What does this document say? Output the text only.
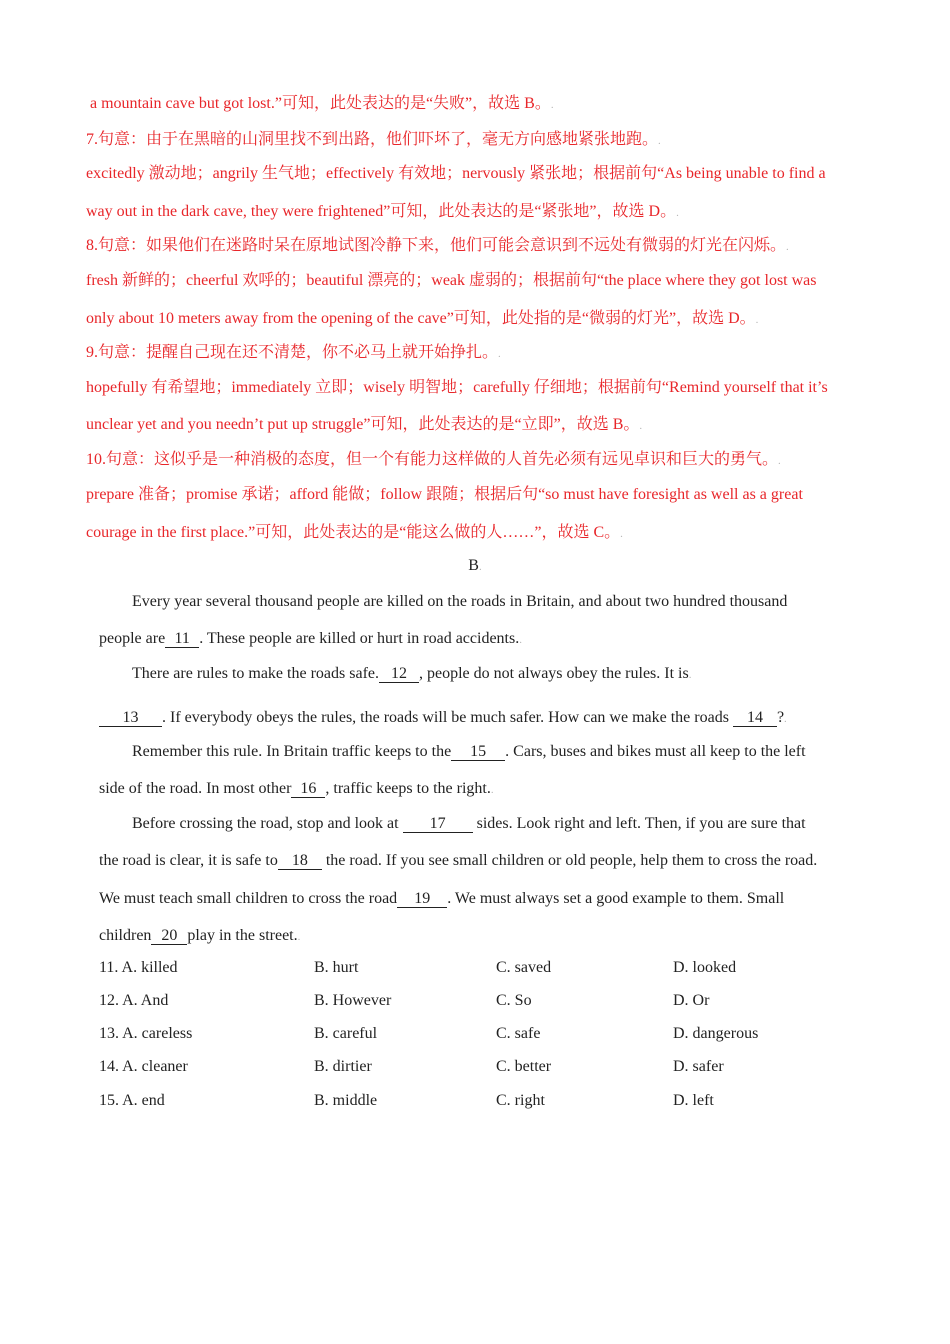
a mountain cave but got lost.”可知，此处表达的是“失败”，故选 B。.
7.句意：由于在黑暗的山洞里找不到出路，他们吓坏了，毫无方向感地紧张地跑。.
excitedly 激动地；angrily 生气地；effectively 有效地；nervously 紧张地；根据前句“As being unable to find a
way out in the dark cave, they were frightened”可知，此处表达的是“紧张地”，故选 D。.
8.句意：如果他们在迷路时呆在原地试图冷静下来，他们可能会意识到不远处有微弱的灯光在闪烁。.
fresh 新鲜的；cheerful 欢呼的；beautiful 漂亮的；weak 虚弱的；根据前句“the place where they got lost was
only about 10 meters away from the opening of the cave”可知，此处指的是“微弱的灯光”，故选 D。.
9.句意：提醒自己现在还不清楚，你不必马上就开始挣扎。.
hopefully 有希望地；immediately 立即；wisely 明智地；carefully 仔细地；根据前句“Remind yourself that it’s
unclear yet and you needn’t put up struggle”可知，此处表达的是“立即”，故选 B。.
10.句意：这似乎是一种消极的态度，但一个有能力这样做的人首先必须有远见卓识和巨大的勇气。.
prepare 准备；promise 承诺；afford 能做；follow 跟随；根据后句“so must have foresight as well as a great
courage in the first place.”可知，此处表达的是“能这么做的人……”，故选 C。.
B.
Every year several thousand people are killed on the roads in Britain, and about two hundred thousand
people are 11 . These people are killed or hurt in road accidents..
There are rules to make the roads safe. 12 , people do not always obey the rules. It is.
13 . If everybody obeys the rules, the roads will be much safer. How can we make the roads 14 ?.
Remember this rule. In Britain traffic keeps to the 15 . Cars, buses and bikes must all keep to the left
side of the road. In most other 16 , traffic keeps to the right..
Before crossing the road, stop and look at 17 sides. Look right and left. Then, if you are sure that
the road is clear, it is safe to 18 the road. If you see small children or old people, help them to cross the road.
We must teach small children to cross the road 19 . We must always set a good example to them. Small
children 20 play in the street..
11. A. killed	B. hurt	C. saved	D. looked
12. A. And	B. However	C. So	D. Or
13. A. careless	B. careful	C. safe	D. dangerous
14. A. cleaner	B. dirtier	C. better	D. safer
15. A. end	B. middle	C. right	D. left
